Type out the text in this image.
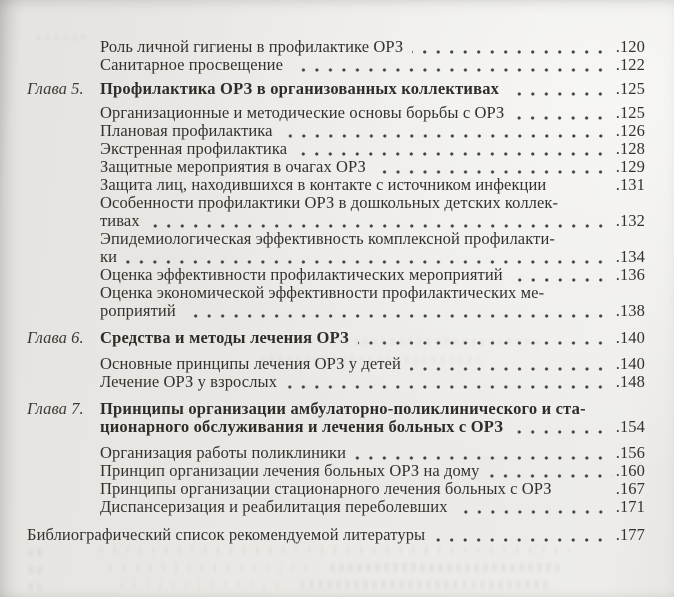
Роль личной гигиены в профилактике ОРЗ	.120
Санитарное просвещение	.122
Глава 5. Профилактика ОРЗ в организованных коллективах	.125
Организационные и методические основы борьбы с ОРЗ	.125
Плановая профилактика	.126
Экстренная профилактика	.128
Защитные мероприятия в очагах ОРЗ	.129
Защита лиц, находившихся в контакте с источником инфекции	.131
Особенности профилактики ОРЗ в дошкольных детских коллек-
тивах	.132
Эпидемиологическая эффективность комплексной профилакти-
ки	.134
Оценка эффективности профилактических мероприятий	.136
Оценка экономической эффективности профилактических ме-
роприятий	.138
Глава 6. Средства и методы лечения ОРЗ	.140
Основные принципы лечения ОРЗ у детей	.140
Лечение ОРЗ у взрослых	.148
Глава 7. Принципы организации амбулаторно-поликлинического и ста-
ционарного обслуживания и лечения больных с ОРЗ	.154
Организация работы поликлиники	.156
Принцип организации лечения больных ОРЗ на дому	.160
Принципы организации стационарного лечения больных с ОРЗ	.167
Диспансеризация и реабилитация переболевших	.171
Библиографический список рекомендуемой литературы	.177
